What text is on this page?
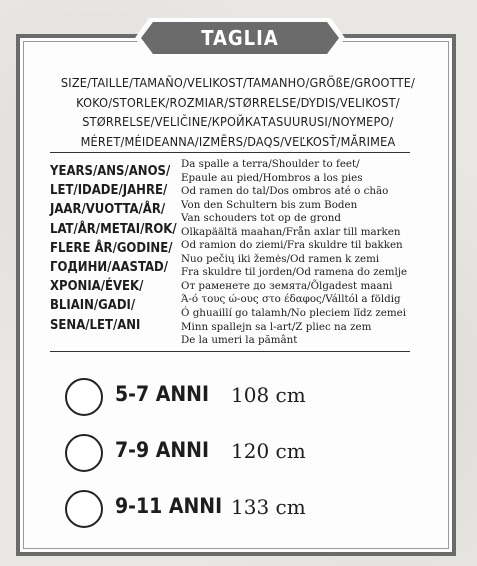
TAGLIA
SIZE/TAILLE/TAMAÑO/VELIKOST/TAMANHO/GRÖßE/GROOTTE/
KOKO/STORLEK/ROZMIAR/STØRRELSE/DYDIS/VELIKOST/
STØRRELSE/VELIČINE/КРОЙКАТАSUURUSI/NOYMEPO/
MÉRET/MÉIDEANNA/IZMĒRS/DAQS/VEĽKOSŤ/MĂRIMEA
YEARS/ANS/ANOS/
LET/IDADE/JAHRE/
JAAR/VUOTTA/ÅR/
LAT/ÅR/METAI/ROK/
FLERE ÅR/GODINE/
ГОДИНИ/AASTAD/
ΧΡΟΝΙΑ/ÉVEK/
BLIAIN/GADI/
SENA/LET/ANI
Da spalle a terra/Shoulder to feet/
Epaule au pied/Hombros a los pies
Od ramen do tal/Dos ombros até o chão
Von den Schultern bis zum Boden
Van schouders tot op de grond
Olkapäältä maahan/Från axlar till marken
Od ramion do ziemi/Fra skuldre til bakken
Nuo pečių iki žemės/Od ramen k zemi
Fra skuldre til jorden/Od ramena do zemlje
От раменете до земята/Õlgadest maani
Ά-ό τους ώ-ους στο έδαφος/Válltól a földig
Ó ghuaillí go talamh/No pleciem līdz zemei
Minn spallejn sa l-art/Z pliec na zem
De la umeri la pământ
5-7 ANNI 108 cm
7-9 ANNI 120 cm
9-11 ANNI 133 cm
